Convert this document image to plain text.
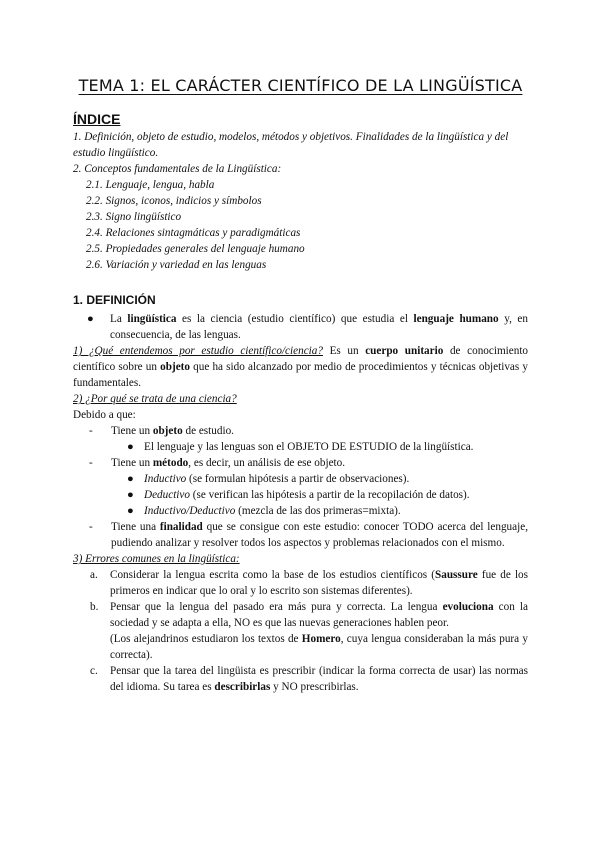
TEMA 1: EL CARÁCTER CIENTÍFICO DE LA LINGÜÍSTICA
ÍNDICE
1. Definición, objeto de estudio, modelos, métodos y objetivos. Finalidades de la lingüística y del estudio lingüístico.
2. Conceptos fundamentales de la Lingüística:
2.1. Lenguaje, lengua, habla
2.2. Signos, iconos, indicios y símbolos
2.3. Signo lingüístico
2.4. Relaciones sintagmáticas y paradigmáticas
2.5. Propiedades generales del lenguaje humano
2.6. Variación y variedad en las lenguas
1. DEFINICIÓN
● La lingüística es la ciencia (estudio científico) que estudia el lenguaje humano y, en consecuencia, de las lenguas.
1) ¿Qué entendemos por estudio científico/ciencia? Es un cuerpo unitario de conocimiento científico sobre un objeto que ha sido alcanzado por medio de procedimientos y técnicas objetivas y fundamentales.
2) ¿Por qué se trata de una ciencia?
Debido a que:
- Tiene un objeto de estudio.
● El lenguaje y las lenguas son el OBJETO DE ESTUDIO de la lingüística.
- Tiene un método, es decir, un análisis de ese objeto.
● Inductivo (se formulan hipótesis a partir de observaciones).
● Deductivo (se verifican las hipótesis a partir de la recopilación de datos).
● Inductivo/Deductivo (mezcla de las dos primeras=mixta).
- Tiene una finalidad que se consigue con este estudio: conocer TODO acerca del lenguaje, pudiendo analizar y resolver todos los aspectos y problemas relacionados con el mismo.
3) Errores comunes en la lingüística:
a. Considerar la lengua escrita como la base de los estudios científicos (Saussure fue de los primeros en indicar que lo oral y lo escrito son sistemas diferentes).
b. Pensar que la lengua del pasado era más pura y correcta. La lengua evoluciona con la sociedad y se adapta a ella, NO es que las nuevas generaciones hablen peor.
(Los alejandrinos estudiaron los textos de Homero, cuya lengua consideraban la más pura y correcta).
c. Pensar que la tarea del lingüista es prescribir (indicar la forma correcta de usar) las normas del idioma. Su tarea es describirlas y NO prescribirlas.
